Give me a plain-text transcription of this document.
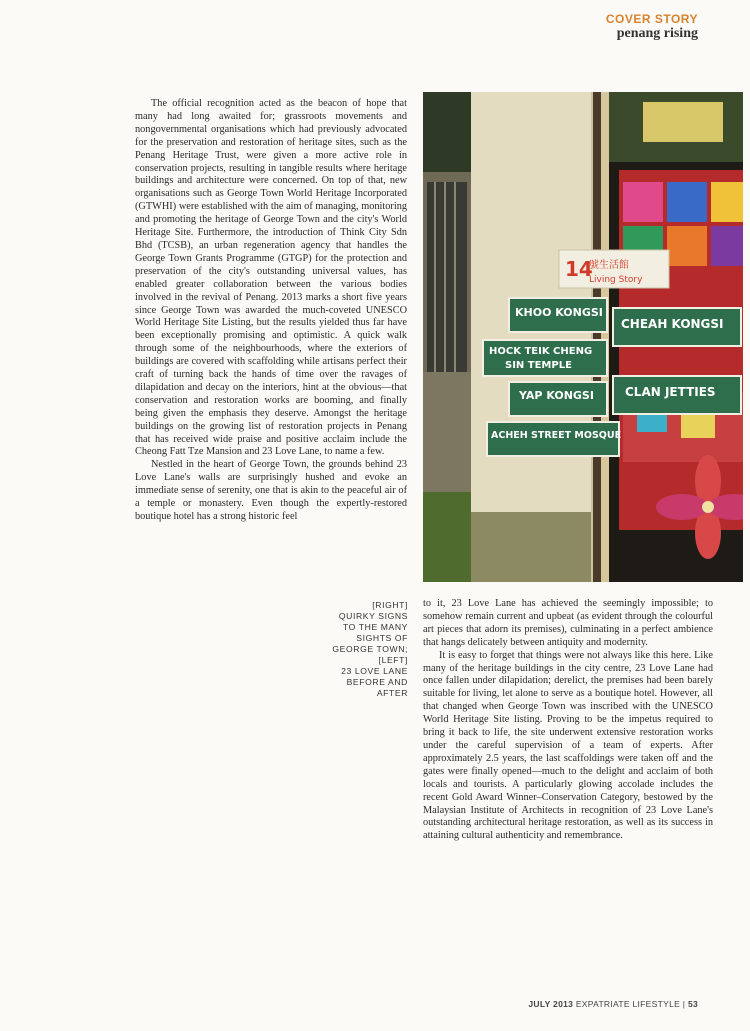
COVER STORY
penang rising

The official recognition acted as the beacon of hope that many had long awaited for; grassroots movements and nongovernmental organisations which had previously advocated for the preservation and restoration of heritage sites, such as the Penang Heritage Trust, were given a more active role in conservation projects, resulting in tangible results where heritage buildings and architecture were concerned. On top of that, new organisations such as George Town World Heritage Incorporated (GTWHI) were established with the aim of managing, monitoring and promoting the heritage of George Town and the city's World Heritage Site. Furthermore, the introduction of Think City Sdn Bhd (TCSB), an urban regeneration agency that handles the George Town Grants Programme (GTGP) for the protection and preservation of the city's outstanding universal values, has enabled greater collaboration between the various bodies involved in the revival of Penang. 2013 marks a short five years since George Town was awarded the much-coveted UNESCO World Heritage Site Listing, but the results yielded thus far have been exceptionally promising and optimistic. A quick walk through some of the neighbourhoods, where the exteriors of buildings are covered with scaffolding while artisans perfect their craft of turning back the hands of time over the ravages of dilapidation and decay on the interiors, hint at the obvious—that conservation and restoration works are booming, and finally being given the emphasis they deserve. Amongst the heritage buildings on the growing list of restoration projects in Penang that has received wide praise and positive acclaim include the Cheong Fatt Tze Mansion and 23 Love Lane, to name a few.

Nestled in the heart of George Town, the grounds behind 23 Love Lane's walls are surprisingly hushed and evoke an immediate sense of serenity, one that is akin to the peaceful air of a temple or monastery. Even though the expertly-restored boutique hotel has a strong historic feel

14
號生活館
Living Story
KHOO KONGSI
HOCK TEIK CHENG
SIN TEMPLE
YAP KONGSI
ACHEH STREET MOSQUE
CHEAH KONGSI
CLAN JETTIES
[RIGHT]
QUIRKY SIGNS
TO THE MANY
SIGHTS OF
GEORGE TOWN;
[LEFT]
23 LOVE LANE
BEFORE AND
AFTER

to it, 23 Love Lane has achieved the seemingly impossible; to somehow remain current and upbeat (as evident through the colourful art pieces that adorn its premises), culminating in a perfect ambience that hangs delicately between antiquity and modernity.

It is easy to forget that things were not always like this here. Like many of the heritage buildings in the city centre, 23 Love Lane had once fallen under dilapidation; derelict, the premises had been barely suitable for living, let alone to serve as a boutique hotel. However, all that changed when George Town was inscribed with the UNESCO World Heritage Site listing. Proving to be the impetus required to bring it back to life, the site underwent extensive restoration works under the careful supervision of a team of experts. After approximately 2.5 years, the last scaffoldings were taken off and the gates were finally opened—much to the delight and acclaim of both locals and tourists. A particularly glowing accolade includes the recent Gold Award Winner–Conservation Category, bestowed by the Malaysian Institute of Architects in recognition of 23 Love Lane's outstanding architectural heritage restoration, as well as its success in attaining cultural authenticity and remembrance.

JULY 2013 EXPATRIATE LIFESTYLE | 53
